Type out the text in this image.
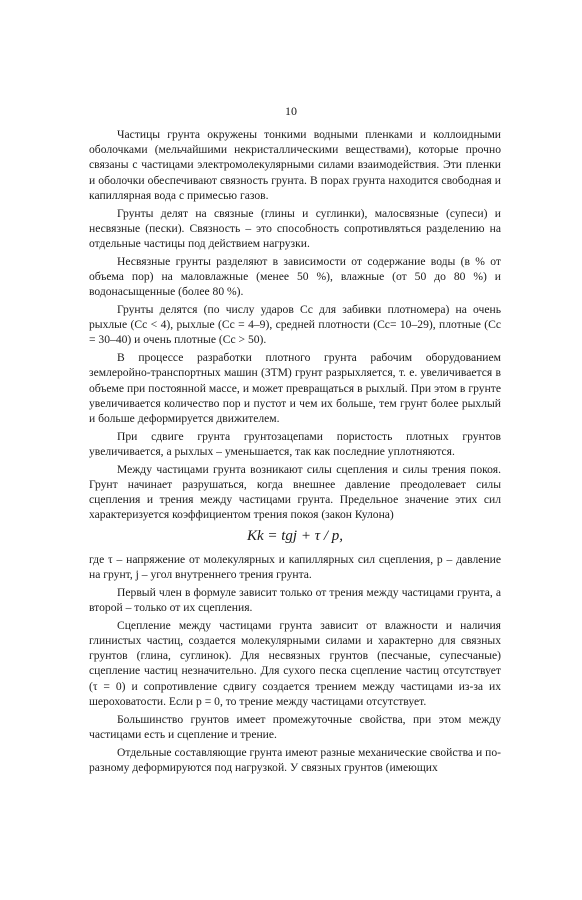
10

Частицы грунта окружены тонкими водными пленками и коллоидными оболочками (мельчайшими некристаллическими веществами), которые прочно связаны с частицами электромолекулярными силами взаимодействия. Эти пленки и оболочки обеспечивают связность грунта. В порах грунта находится свободная и капиллярная вода с примесью газов.

Грунты делят на связные (глины и суглинки), малосвязные (супеси) и несвязные (пески). Связность – это способность сопротивляться разделению на отдельные частицы под действием нагрузки.

Несвязные грунты разделяют в зависимости от содержание воды (в % от объема пор) на маловлажные (менее 50 %), влажные (от 50 до 80 %) и водонасыщенные (более 80 %).

Грунты делятся (по числу ударов Cс для забивки плотномера) на очень рыхлые (Cс < 4), рыхлые (Cс = 4–9), средней плотности (Cс= 10–29), плотные (Cс = 30–40) и очень плотные (Cс > 50).

В процессе разработки плотного грунта рабочим оборудованием землеройно-транспортных машин (ЗТМ) грунт разрыхляется, т. е. увеличивается в объеме при постоянной массе, и может превращаться в рыхлый. При этом в грунте увеличивается количество пор и пустот и чем их больше, тем грунт более рыхлый и больше деформируется движителем.

При сдвиге грунта грунтозацепами пористость плотных грунтов увеличивается, а рыхлых – уменьшается, так как последние уплотняются.

Между частицами грунта возникают силы сцепления и силы трения покоя. Грунт начинает разрушаться, когда внешнее давление преодолевает силы сцепления и трения между частицами грунта. Предельное значение этих сил характеризуется коэффициентом трения покоя (закон Кулона)

Kk = tgj + τ / p,

где τ – напряжение от молекулярных и капиллярных сил сцепления, p – давление на грунт, j – угол внутреннего трения грунта.

Первый член в формуле зависит только от трения между частицами грунта, а второй – только от их сцепления.

Сцепление между частицами грунта зависит от влажности и наличия глинистых частиц, создается молекулярными силами и характерно для связных грунтов (глина, суглинок). Для несвязных грунтов (песчаные, супесчаные) сцепление частиц незначительно. Для сухого песка сцепление частиц отсутствует (τ = 0) и сопротивление сдвигу создается трением между частицами из-за их шероховатости. Если p = 0, то трение между частицами отсутствует.

Большинство грунтов имеет промежуточные свойства, при этом между частицами есть и сцепление и трение.

Отдельные составляющие грунта имеют разные механические свойства и по-разному деформируются под нагрузкой. У связных грунтов (имеющих
